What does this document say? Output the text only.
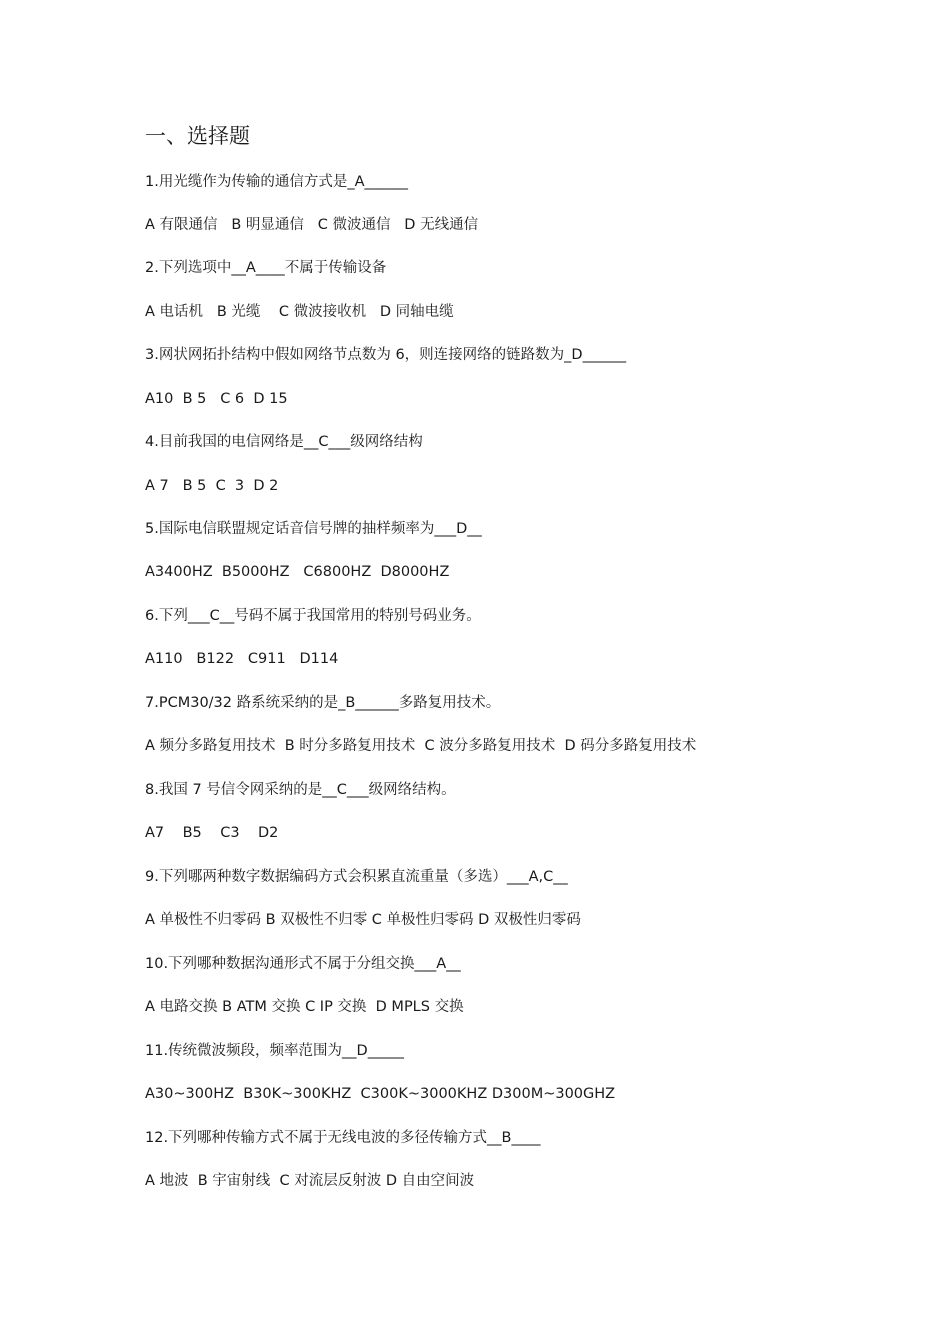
一、选择题
1.用光缆作为传输的通信方式是_A______
A 有限通信   B 明显通信   C 微波通信   D 无线通信
2.下列选项中__A____不属于传输设备
A 电话机   B 光缆    C 微波接收机   D 同轴电缆
3.网状网拓扑结构中假如网络节点数为 6，则连接网络的链路数为_D______
A10  B 5   C 6  D 15
4.目前我国的电信网络是__C___级网络结构
A 7   B 5  C  3  D 2
5.国际电信联盟规定话音信号牌的抽样频率为___D__
A3400HZ  B5000HZ   C6800HZ  D8000HZ
6.下列___C__号码不属于我国常用的特别号码业务。
A110   B122   C911   D114
7.PCM30/32 路系统采纳的是_B______多路复用技术。
A 频分多路复用技术  B 时分多路复用技术  C 波分多路复用技术  D 码分多路复用技术
8.我国 7 号信令网采纳的是__C___级网络结构。
A7    B5    C3    D2
9.下列哪两种数字数据编码方式会积累直流重量（多选）___A,C__
A 单极性不归零码 B 双极性不归零 C 单极性归零码 D 双极性归零码
10.下列哪种数据沟通形式不属于分组交换___A__
A 电路交换 B ATM 交换 C IP 交换  D MPLS 交换
11.传统微波频段，频率范围为__D_____
A30~300HZ  B30K~300KHZ  C300K~3000KHZ D300M~300GHZ
12.下列哪种传输方式不属于无线电波的多径传输方式__B____
A 地波  B 宇宙射线  C 对流层反射波 D 自由空间波
